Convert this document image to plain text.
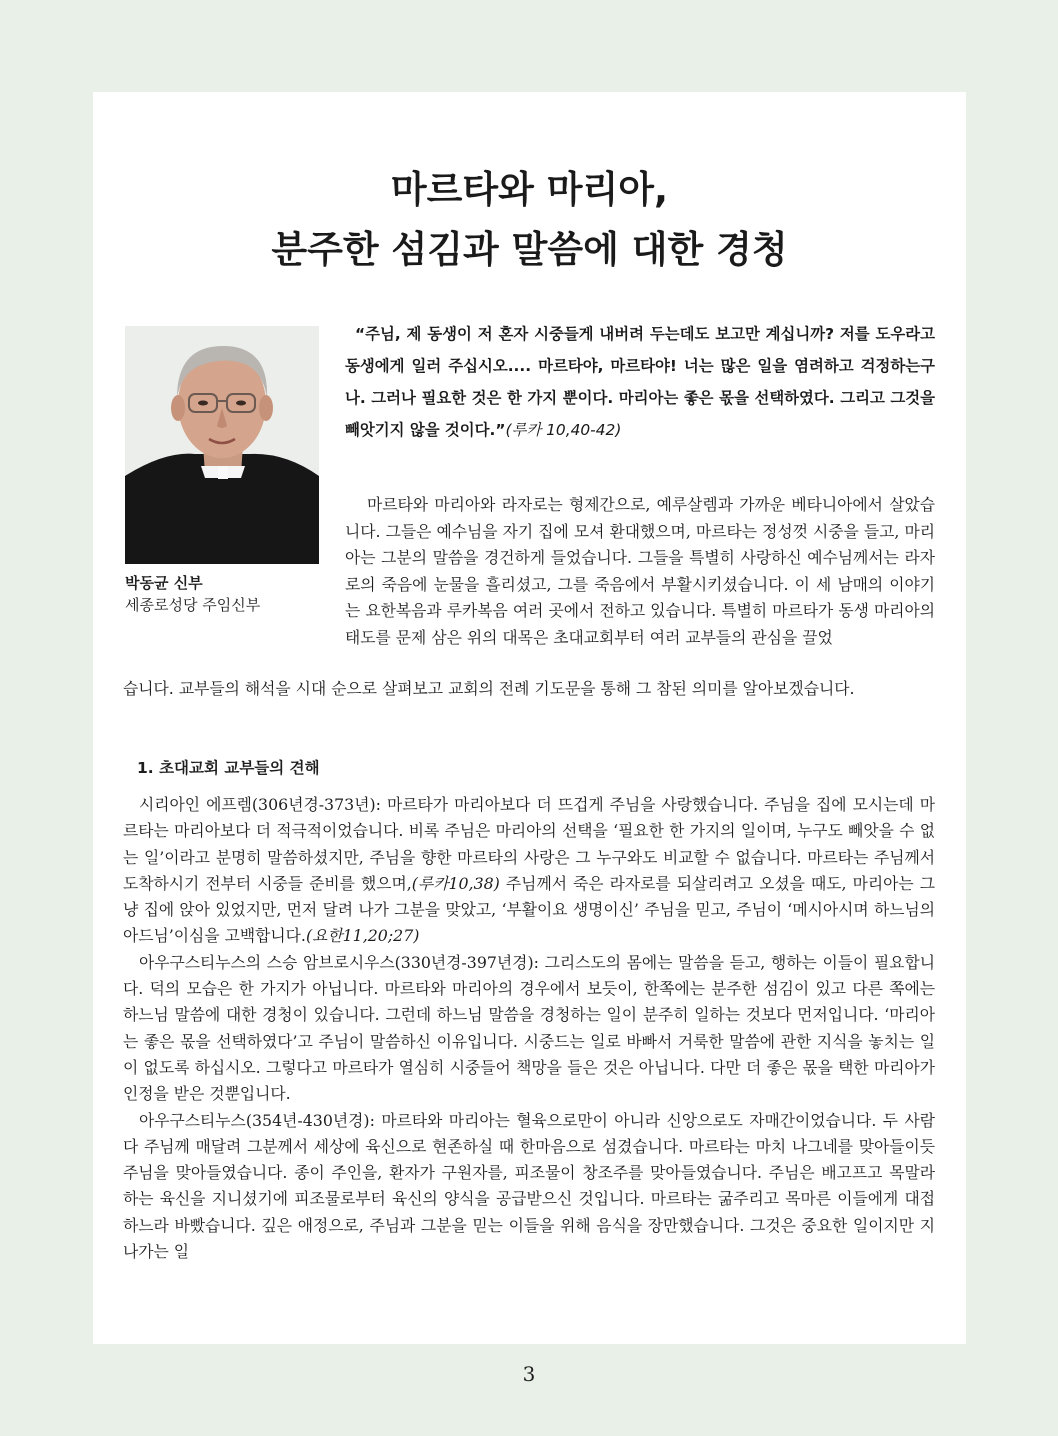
마르타와 마리아,
분주한 섬김과 말씀에 대한 경청
박동균 신부
세종로성당 주임신부

“주님, 제 동생이 저 혼자 시중들게 내버려 두는데도 보고만 계십니까? 저를 도우라고 동생에게 일러 주십시오.... 마르타야, 마르타야! 너는 많은 일을 염려하고 걱정하는구나. 그러나 필요한 것은 한 가지 뿐이다. 마리아는 좋은 몫을 선택하였다. 그리고 그것을 빼앗기지 않을 것이다.”(루카 10,40-42)

마르타와 마리아와 라자로는 형제간으로, 예루살렘과 가까운 베타니아에서 살았습니다. 그들은 예수님을 자기 집에 모셔 환대했으며, 마르타는 정성껏 시중을 들고, 마리아는 그분의 말씀을 경건하게 들었습니다. 그들을 특별히 사랑하신 예수님께서는 라자로의 죽음에 눈물을 흘리셨고, 그를 죽음에서 부활시키셨습니다. 이 세 남매의 이야기는 요한복음과 루카복음 여러 곳에서 전하고 있습니다. 특별히 마르타가 동생 마리아의 태도를 문제 삼은 위의 대목은 초대교회부터 여러 교부들의 관심을 끌었

습니다. 교부들의 해석을 시대 순으로 살펴보고 교회의 전례 기도문을 통해 그 참된 의미를 알아보겠습니다.

1. 초대교회 교부들의 견해

시리아인 에프렘(306년경-373년): 마르타가 마리아보다 더 뜨겁게 주님을 사랑했습니다. 주님을 집에 모시는데 마르타는 마리아보다 더 적극적이었습니다. 비록 주님은 마리아의 선택을 ‘필요한 한 가지의 일이며, 누구도 빼앗을 수 없는 일’이라고 분명히 말씀하셨지만, 주님을 향한 마르타의 사랑은 그 누구와도 비교할 수 없습니다. 마르타는 주님께서 도착하시기 전부터 시중들 준비를 했으며,(루카10,38) 주님께서 죽은 라자로를 되살리려고 오셨을 때도, 마리아는 그냥 집에 앉아 있었지만, 먼저 달려 나가 그분을 맞았고, ‘부활이요 생명이신’ 주님을 믿고, 주님이 ‘메시아시며 하느님의 아드님’이심을 고백합니다.(요한11,20;27)

아우구스티누스의 스승 암브로시우스(330년경-397년경): 그리스도의 몸에는 말씀을 듣고, 행하는 이들이 필요합니다. 덕의 모습은 한 가지가 아닙니다. 마르타와 마리아의 경우에서 보듯이, 한쪽에는 분주한 섬김이 있고 다른 쪽에는 하느님 말씀에 대한 경청이 있습니다. 그런데 하느님 말씀을 경청하는 일이 분주히 일하는 것보다 먼저입니다. ‘마리아는 좋은 몫을 선택하였다’고 주님이 말씀하신 이유입니다. 시중드는 일로 바빠서 거룩한 말씀에 관한 지식을 놓치는 일이 없도록 하십시오. 그렇다고 마르타가 열심히 시중들어 책망을 들은 것은 아닙니다. 다만 더 좋은 몫을 택한 마리아가 인정을 받은 것뿐입니다.

아우구스티누스(354년-430년경): 마르타와 마리아는 혈육으로만이 아니라 신앙으로도 자매간이었습니다. 두 사람 다 주님께 매달려 그분께서 세상에 육신으로 현존하실 때 한마음으로 섬겼습니다. 마르타는 마치 나그네를 맞아들이듯 주님을 맞아들였습니다. 종이 주인을, 환자가 구원자를, 피조물이 창조주를 맞아들였습니다. 주님은 배고프고 목말라 하는 육신을 지니셨기에 피조물로부터 육신의 양식을 공급받으신 것입니다. 마르타는 굶주리고 목마른 이들에게 대접하느라 바빴습니다. 깊은 애정으로, 주님과 그분을 믿는 이들을 위해 음식을 장만했습니다. 그것은 중요한 일이지만 지나가는 일

3
